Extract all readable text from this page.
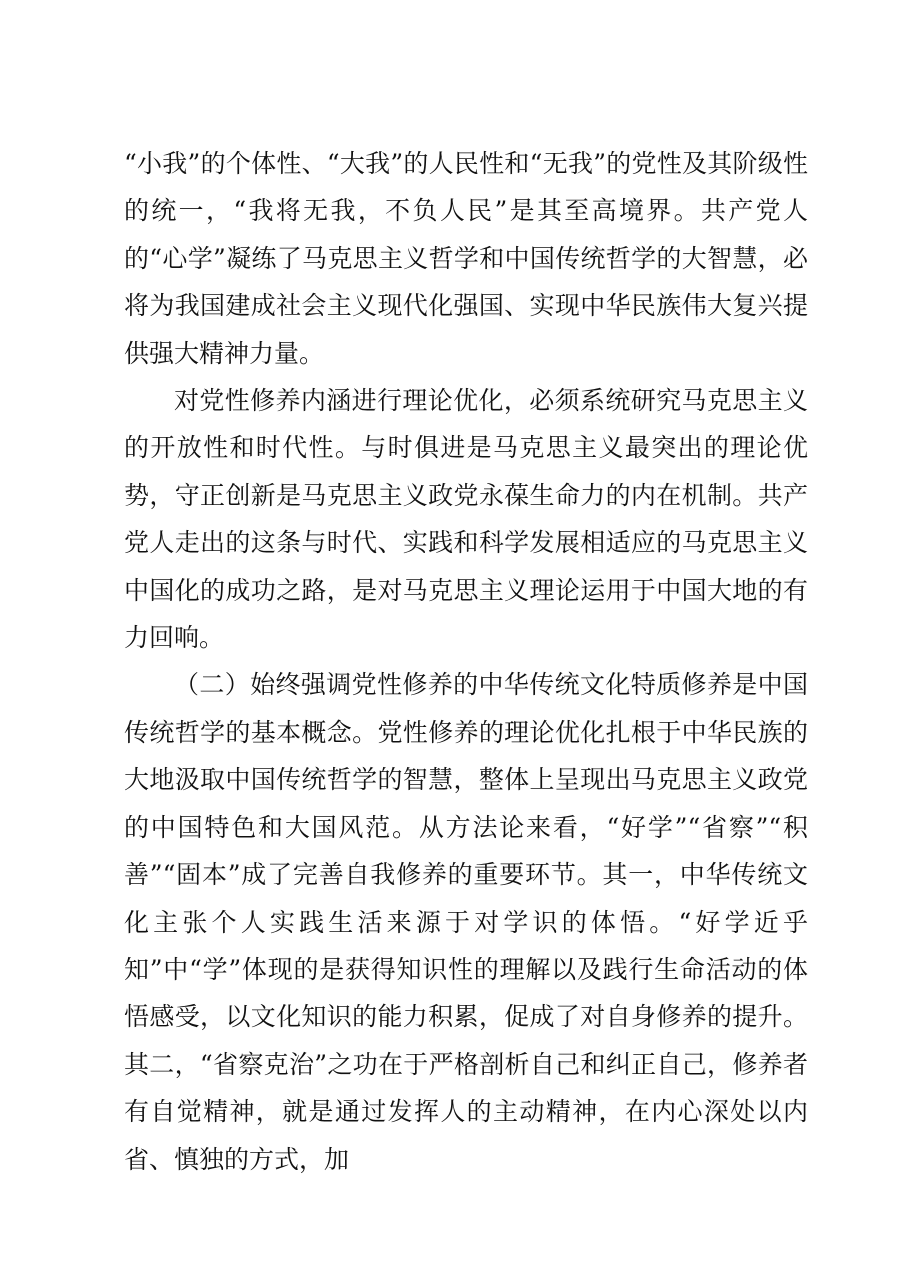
“小我”的个体性、“大我”的人民性和“无我”的党性及其阶级性的统一，“我将无我，不负人民”是其至高境界。共产党人的“心学”凝练了马克思主义哲学和中国传统哲学的大智慧，必将为我国建成社会主义现代化强国、实现中华民族伟大复兴提供强大精神力量。

对党性修养内涵进行理论优化，必须系统研究马克思主义的开放性和时代性。与时俱进是马克思主义最突出的理论优势，守正创新是马克思主义政党永葆生命力的内在机制。共产党人走出的这条与时代、实践和科学发展相适应的马克思主义中国化的成功之路，是对马克思主义理论运用于中国大地的有力回响。

（二）始终强调党性修养的中华传统文化特质修养是中国传统哲学的基本概念。党性修养的理论优化扎根于中华民族的大地汲取中国传统哲学的智慧，整体上呈现出马克思主义政党的中国特色和大国风范。从方法论来看，“好学”“省察”“积善”“固本”成了完善自我修养的重要环节。其一，中华传统文化主张个人实践生活来源于对学识的体悟。“好学近乎知”中“学”体现的是获得知识性的理解以及践行生命活动的体悟感受，以文化知识的能力积累，促成了对自身修养的提升。其二，“省察克治”之功在于严格剖析自己和纠正自己，修养者有自觉精神，就是通过发挥人的主动精神，在内心深处以内省、慎独的方式，加
